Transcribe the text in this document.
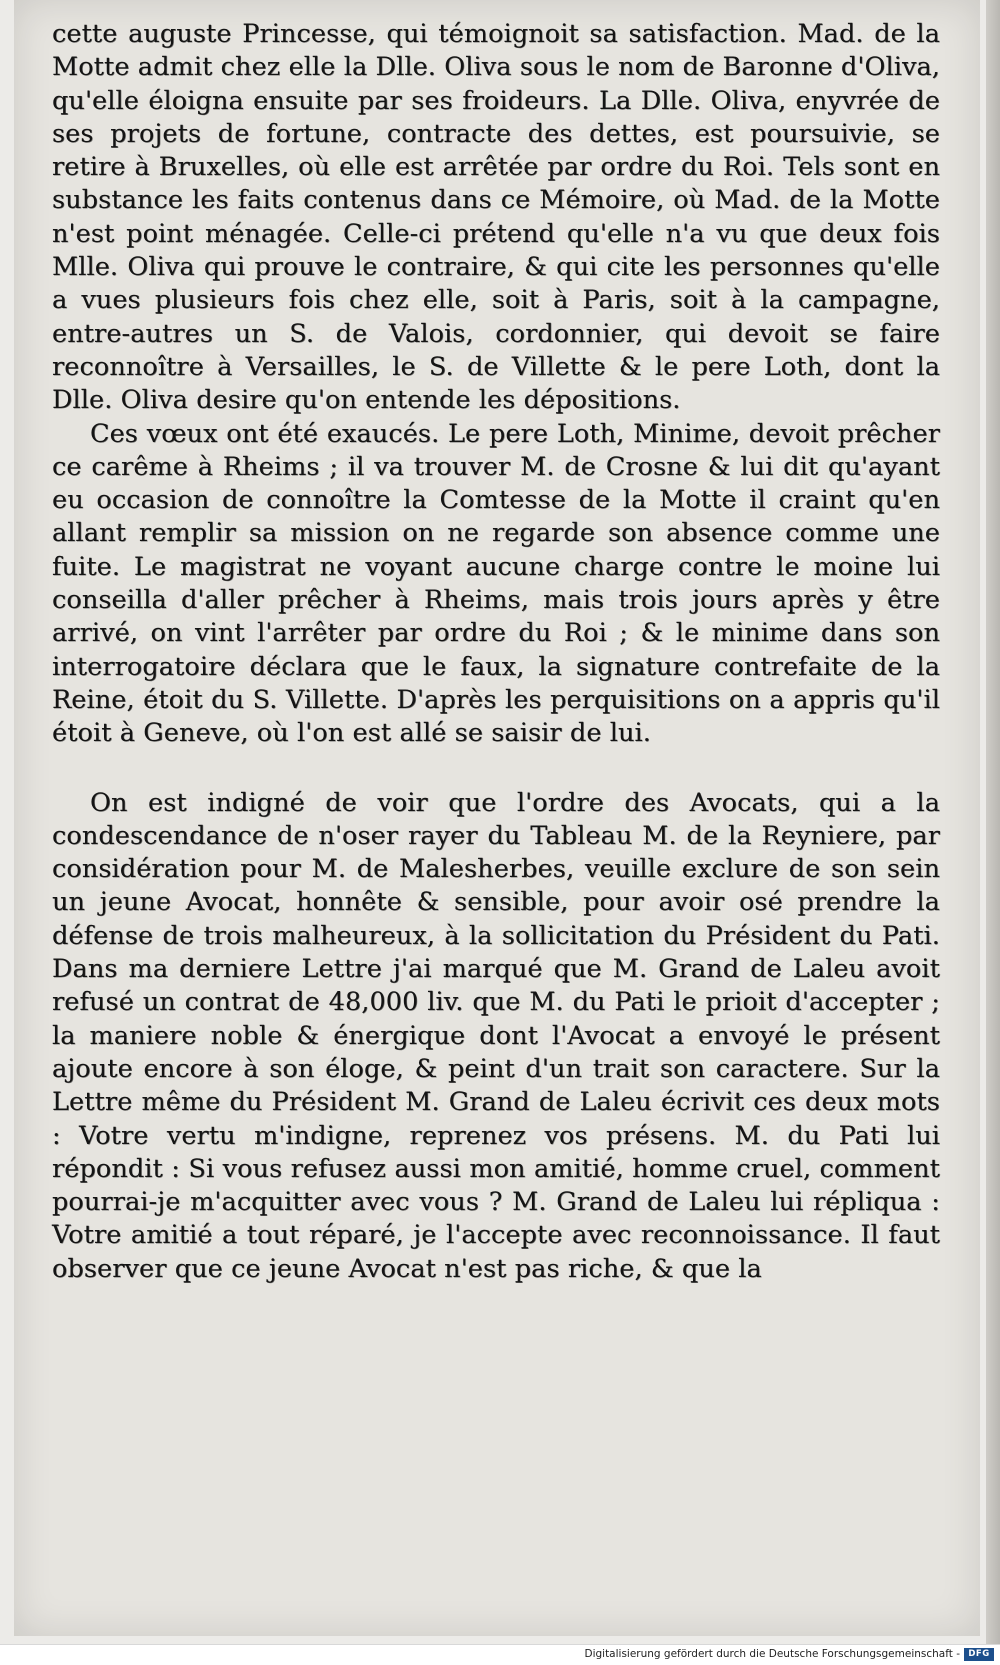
cette auguste Princesse, qui témoignoit sa satisfaction. Mad. de la Motte admit chez elle la Dlle. Oliva sous le nom de Baronne d'Oliva, qu'elle éloigna ensuite par ses froideurs. La Dlle. Oliva, enyvrée de ses projets de fortune, contracte des dettes, est poursuivie, se retire à Bruxelles, où elle est arrêtée par ordre du Roi. Tels sont en substance les faits contenus dans ce Mémoire, où Mad. de la Motte n'est point ménagée. Celle-ci prétend qu'elle n'a vu que deux fois Mlle. Oliva qui prouve le contraire, & qui cite les personnes qu'elle a vues plusieurs fois chez elle, soit à Paris, soit à la campagne, entre-autres un S. de Valois, cordonnier, qui devoit se faire reconnoître à Versailles, le S. de Villette & le pere Loth, dont la Dlle. Oliva desire qu'on entende les dépositions.

Ces vœux ont été exaucés. Le pere Loth, Minime, devoit prêcher ce carême à Rheims ; il va trouver M. de Crosne & lui dit qu'ayant eu occasion de connoître la Comtesse de la Motte il craint qu'en allant remplir sa mission on ne regarde son absence comme une fuite. Le magistrat ne voyant aucune charge contre le moine lui conseilla d'aller prêcher à Rheims, mais trois jours après y être arrivé, on vint l'arrêter par ordre du Roi ; & le minime dans son interrogatoire déclara que le faux, la signature contrefaite de la Reine, étoit du S. Villette. D'après les perquisitions on a appris qu'il étoit à Geneve, où l'on est allé se saisir de lui.

On est indigné de voir que l'ordre des Avocats, qui a la condescendance de n'oser rayer du Tableau M. de la Reyniere, par considération pour M. de Malesherbes, veuille exclure de son sein un jeune Avocat, honnête & sensible, pour avoir osé prendre la défense de trois malheureux, à la sollicitation du Président du Pati. Dans ma derniere Lettre j'ai marqué que M. Grand de Laleu avoit refusé un contrat de 48,000 liv. que M. du Pati le prioit d'accepter ; la maniere noble & énergique dont l'Avocat a envoyé le présent ajoute encore à son éloge, & peint d'un trait son caractere. Sur la Lettre même du Président M. Grand de Laleu écrivit ces deux mots : Votre vertu m'indigne, reprenez vos présens. M. du Pati lui répondit : Si vous refusez aussi mon amitié, homme cruel, comment pourrai-je m'acquitter avec vous ? M. Grand de Laleu lui répliqua : Votre amitié a tout réparé, je l'accepte avec reconnoissance. Il faut observer que ce jeune Avocat n'est pas riche, & que la

Digitalisierung gefördert durch die Deutsche Forschungsgemeinschaft - DFG
